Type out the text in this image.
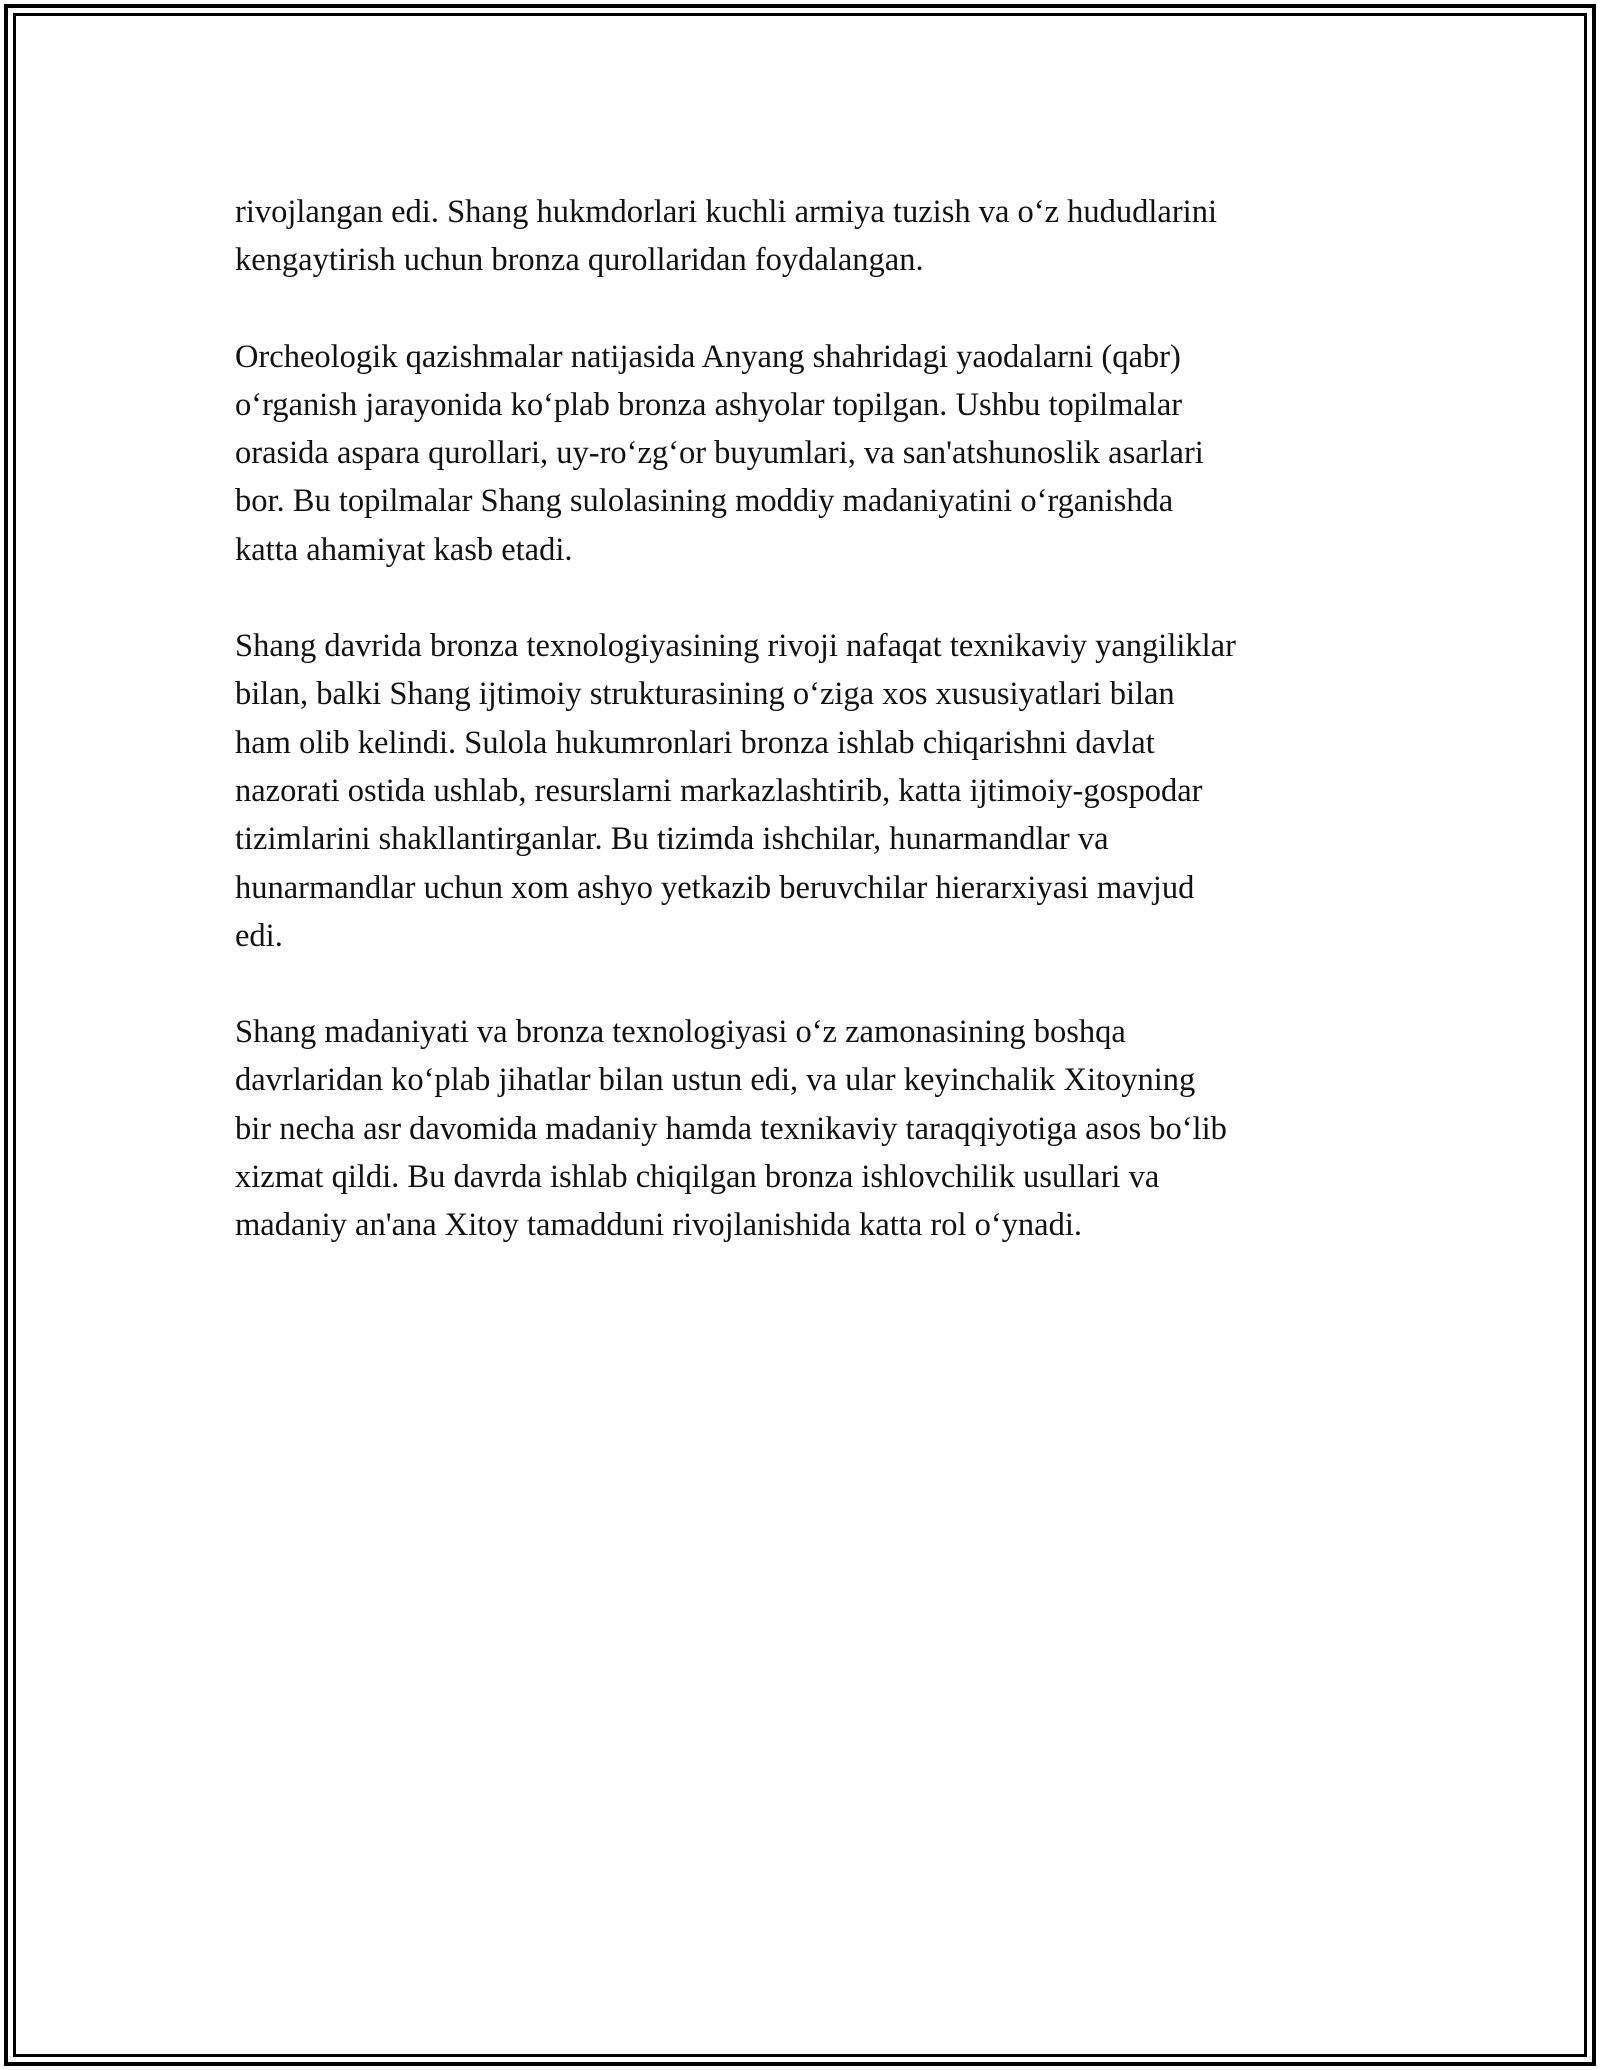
rivojlangan edi. Shang hukmdorlari kuchli armiya tuzish va o‘z hududlarini
kengaytirish uchun bronza qurollaridan foydalangan.

Orcheologik qazishmalar natijasida Anyang shahridagi yaodalarni (qabr)
o‘rganish jarayonida ko‘plab bronza ashyolar topilgan. Ushbu topilmalar
orasida aspara qurollari, uy-ro‘zg‘or buyumlari, va san'atshunoslik asarlari
bor. Bu topilmalar Shang sulolasining moddiy madaniyatini o‘rganishda
katta ahamiyat kasb etadi.

Shang davrida bronza texnologiyasining rivoji nafaqat texnikaviy yangiliklar
bilan, balki Shang ijtimoiy strukturasining o‘ziga xos xususiyatlari bilan
ham olib kelindi. Sulola hukumronlari bronza ishlab chiqarishni davlat
nazorati ostida ushlab, resurslarni markazlashtirib, katta ijtimoiy-gospodar
tizimlarini shakllantirganlar. Bu tizimda ishchilar, hunarmandlar va
hunarmandlar uchun xom ashyo yetkazib beruvchilar hierarxiyasi mavjud
edi.

Shang madaniyati va bronza texnologiyasi o‘z zamonasining boshqa
davrlaridan ko‘plab jihatlar bilan ustun edi, va ular keyinchalik Xitoyning
bir necha asr davomida madaniy hamda texnikaviy taraqqiyotiga asos bo‘lib
xizmat qildi. Bu davrda ishlab chiqilgan bronza ishlovchilik usullari va
madaniy an'ana Xitoy tamadduni rivojlanishida katta rol o‘ynadi.
